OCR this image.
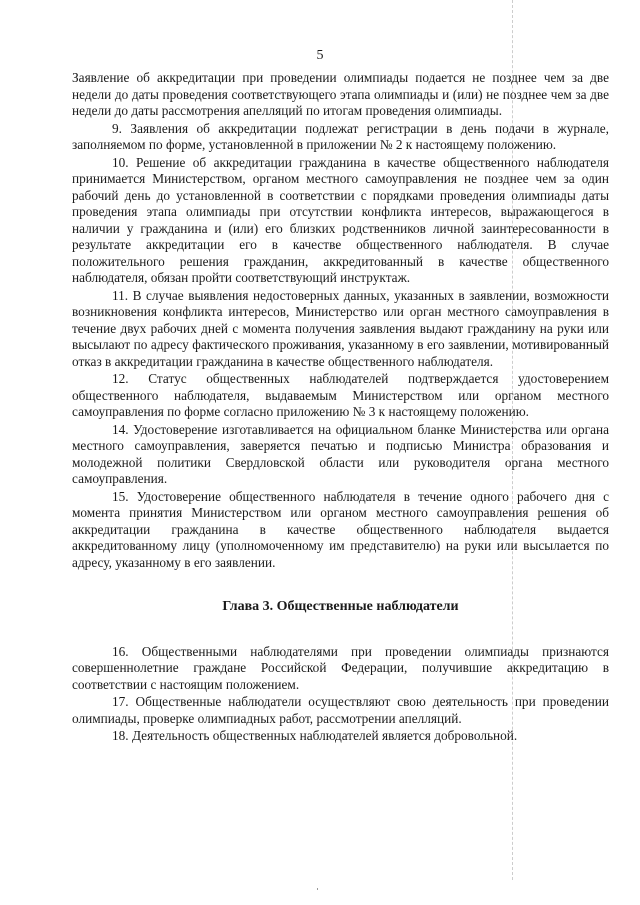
5

Заявление об аккредитации при проведении олимпиады подается не позднее чем за две недели до даты проведения соответствующего этапа олимпиады и (или) не позднее чем за две недели до даты рассмотрения апелляций по итогам проведения олимпиады.

9. Заявления об аккредитации подлежат регистрации в день подачи в журнале, заполняемом по форме, установленной в приложении № 2 к настоящему положению.

10. Решение об аккредитации гражданина в качестве общественного наблюдателя принимается Министерством, органом местного самоуправления не позднее чем за один рабочий день до установленной в соответствии с порядками проведения олимпиады даты проведения этапа олимпиады при отсутствии конфликта интересов, выражающегося в наличии у гражданина и (или) его близких родственников личной заинтересованности в результате аккредитации его в качестве общественного наблюдателя. В случае положительного решения гражданин, аккредитованный в качестве общественного наблюдателя, обязан пройти соответствующий инструктаж.

11. В случае выявления недостоверных данных, указанных в заявлении, возможности возникновения конфликта интересов, Министерство или орган местного самоуправления в течение двух рабочих дней с момента получения заявления выдают гражданину на руки или высылают по адресу фактического проживания, указанному в его заявлении, мотивированный отказ в аккредитации гражданина в качестве общественного наблюдателя.

12. Статус общественных наблюдателей подтверждается удостоверением общественного наблюдателя, выдаваемым Министерством или органом местного самоуправления по форме согласно приложению № 3 к настоящему положению.

14. Удостоверение изготавливается на официальном бланке Министерства или органа местного самоуправления, заверяется печатью и подписью Министра образования и молодежной политики Свердловской области или руководителя органа местного самоуправления.

15. Удостоверение общественного наблюдателя в течение одного рабочего дня с момента принятия Министерством или органом местного самоуправления решения об аккредитации гражданина в качестве общественного наблюдателя выдается аккредитованному лицу (уполномоченному им представителю) на руки или высылается по адресу, указанному в его заявлении.

Глава 3. Общественные наблюдатели

16. Общественными наблюдателями при проведении олимпиады признаются совершеннолетние граждане Российской Федерации, получившие аккредитацию в соответствии с настоящим положением.

17. Общественные наблюдатели осуществляют свою деятельность при проведении олимпиады, проверке олимпиадных работ, рассмотрении апелляций.

18. Деятельность общественных наблюдателей является добровольной.
